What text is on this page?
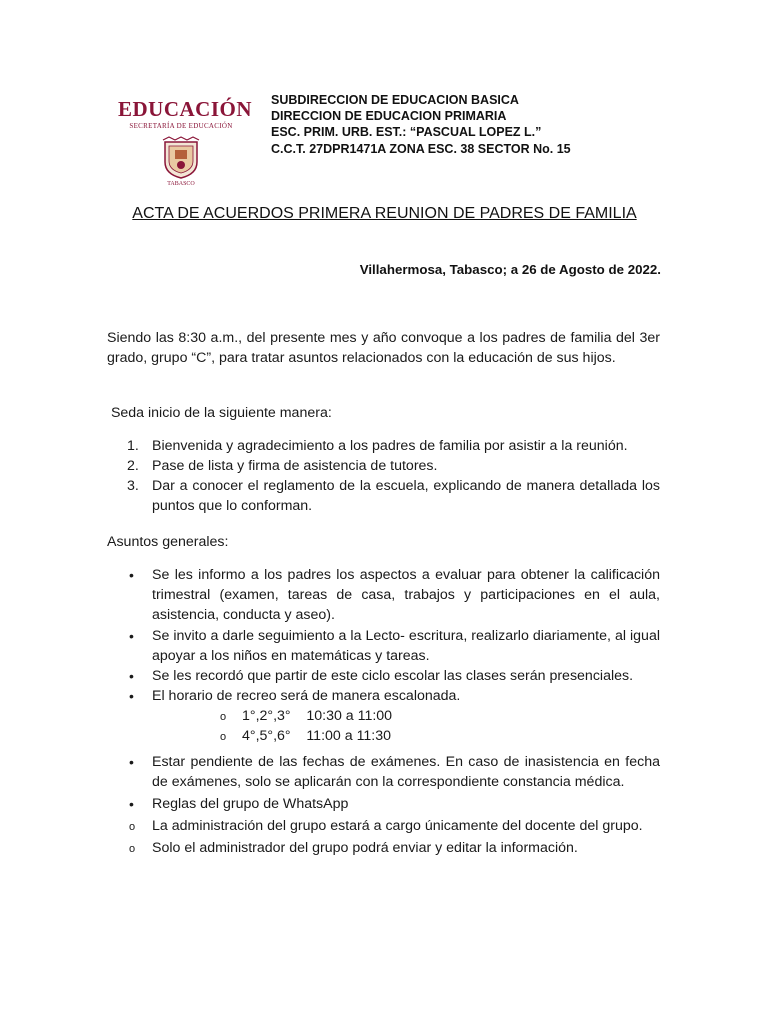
EDUCACIÓN
SECRETARÍA DE EDUCACIÓN
TABASCO
SUBDIRECCION DE EDUCACION BASICA
DIRECCION DE EDUCACION PRIMARIA
ESC. PRIM. URB. EST.: “PASCUAL LOPEZ L.”
C.C.T. 27DPR1471A ZONA ESC. 38 SECTOR No. 15
ACTA DE ACUERDOS PRIMERA REUNION DE PADRES DE FAMILIA
Villahermosa, Tabasco; a 26 de Agosto de 2022.
Siendo las 8:30 a.m., del presente mes y año convoque a los padres de familia del 3er grado, grupo “C”, para tratar asuntos relacionados con la educación de sus hijos.
Seda inicio de la siguiente manera:
1. Bienvenida y agradecimiento a los padres de familia por asistir a la reunión.
2. Pase de lista y firma de asistencia de tutores.
3. Dar a conocer el reglamento de la escuela, explicando de manera detallada los puntos que lo conforman.
Asuntos generales:
• Se les informo a los padres los aspectos a evaluar para obtener la calificación trimestral (examen, tareas de casa, trabajos y participaciones en el aula, asistencia, conducta y aseo).
• Se invito a darle seguimiento a la Lecto- escritura, realizarlo diariamente, al igual apoyar a los niños en matemáticas y tareas.
• Se les recordó que partir de este ciclo escolar las clases serán presenciales.
• El horario de recreo será de manera escalonada.
o 1°,2°,3°    10:30 a 11:00
o 4°,5°,6°    11:00 a 11:30
• Estar pendiente de las fechas de exámenes. En caso de inasistencia en fecha de exámenes, solo se aplicarán con la correspondiente constancia médica.
• Reglas del grupo de WhatsApp
o La administración del grupo estará a cargo únicamente del docente del grupo.
o Solo el administrador del grupo podrá enviar y editar la información.
